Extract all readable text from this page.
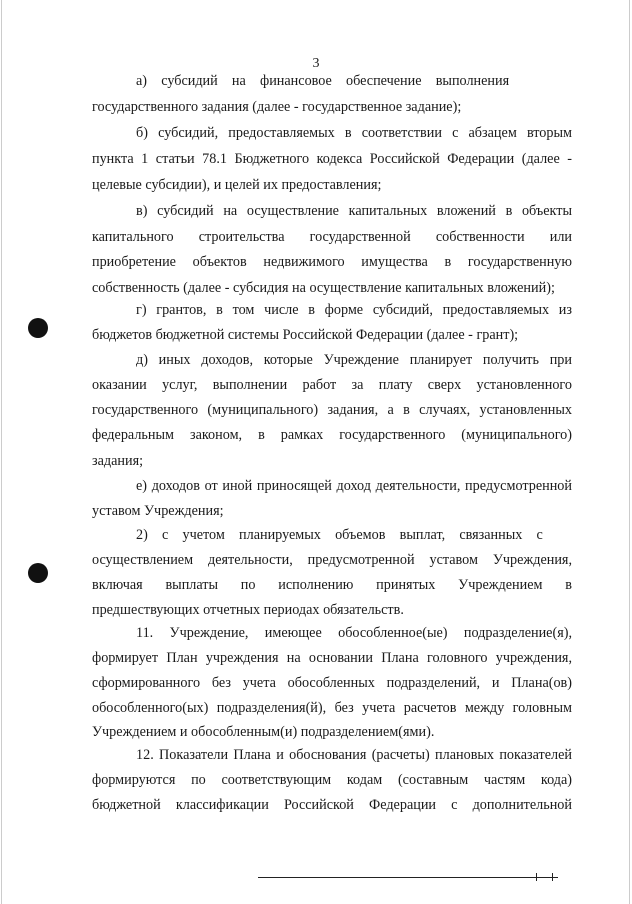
3
а) субсидий на финансовое обеспечение выполнения
государственного задания (далее - государственное задание);
б) субсидий, предоставляемых в соответствии с абзацем вторым
пункта 1 статьи 78.1 Бюджетного кодекса Российской Федерации (далее -
целевые субсидии), и целей их предоставления;
в) субсидий на осуществление капитальных вложений в объекты
капитального строительства государственной собственности или
приобретение объектов недвижимого имущества в государственную
собственность (далее - субсидия на осуществление капитальных вложений);
г) грантов, в том числе в форме субсидий, предоставляемых из
бюджетов бюджетной системы Российской Федерации (далее - грант);
д) иных доходов, которые Учреждение планирует получить при
оказании услуг, выполнении работ за плату сверх установленного
государственного (муниципального) задания, а в случаях, установленных
федеральным законом, в рамках государственного (муниципального)
задания;
е) доходов от иной приносящей доход деятельности, предусмотренной
уставом Учреждения;
2) с учетом планируемых объемов выплат, связанных с
осуществлением деятельности, предусмотренной уставом Учреждения,
включая выплаты по исполнению принятых Учреждением в
предшествующих отчетных периодах обязательств.
11. Учреждение, имеющее обособленное(ые) подразделение(я),
формирует План учреждения на основании Плана головного учреждения,
сформированного без учета обособленных подразделений, и Плана(ов)
обособленного(ых) подразделения(й), без учета расчетов между головным
Учреждением и обособленным(и) подразделением(ями).
12. Показатели Плана и обоснования (расчеты) плановых показателей
формируются по соответствующим кодам (составным частям кода)
бюджетной классификации Российской Федерации с дополнительной
